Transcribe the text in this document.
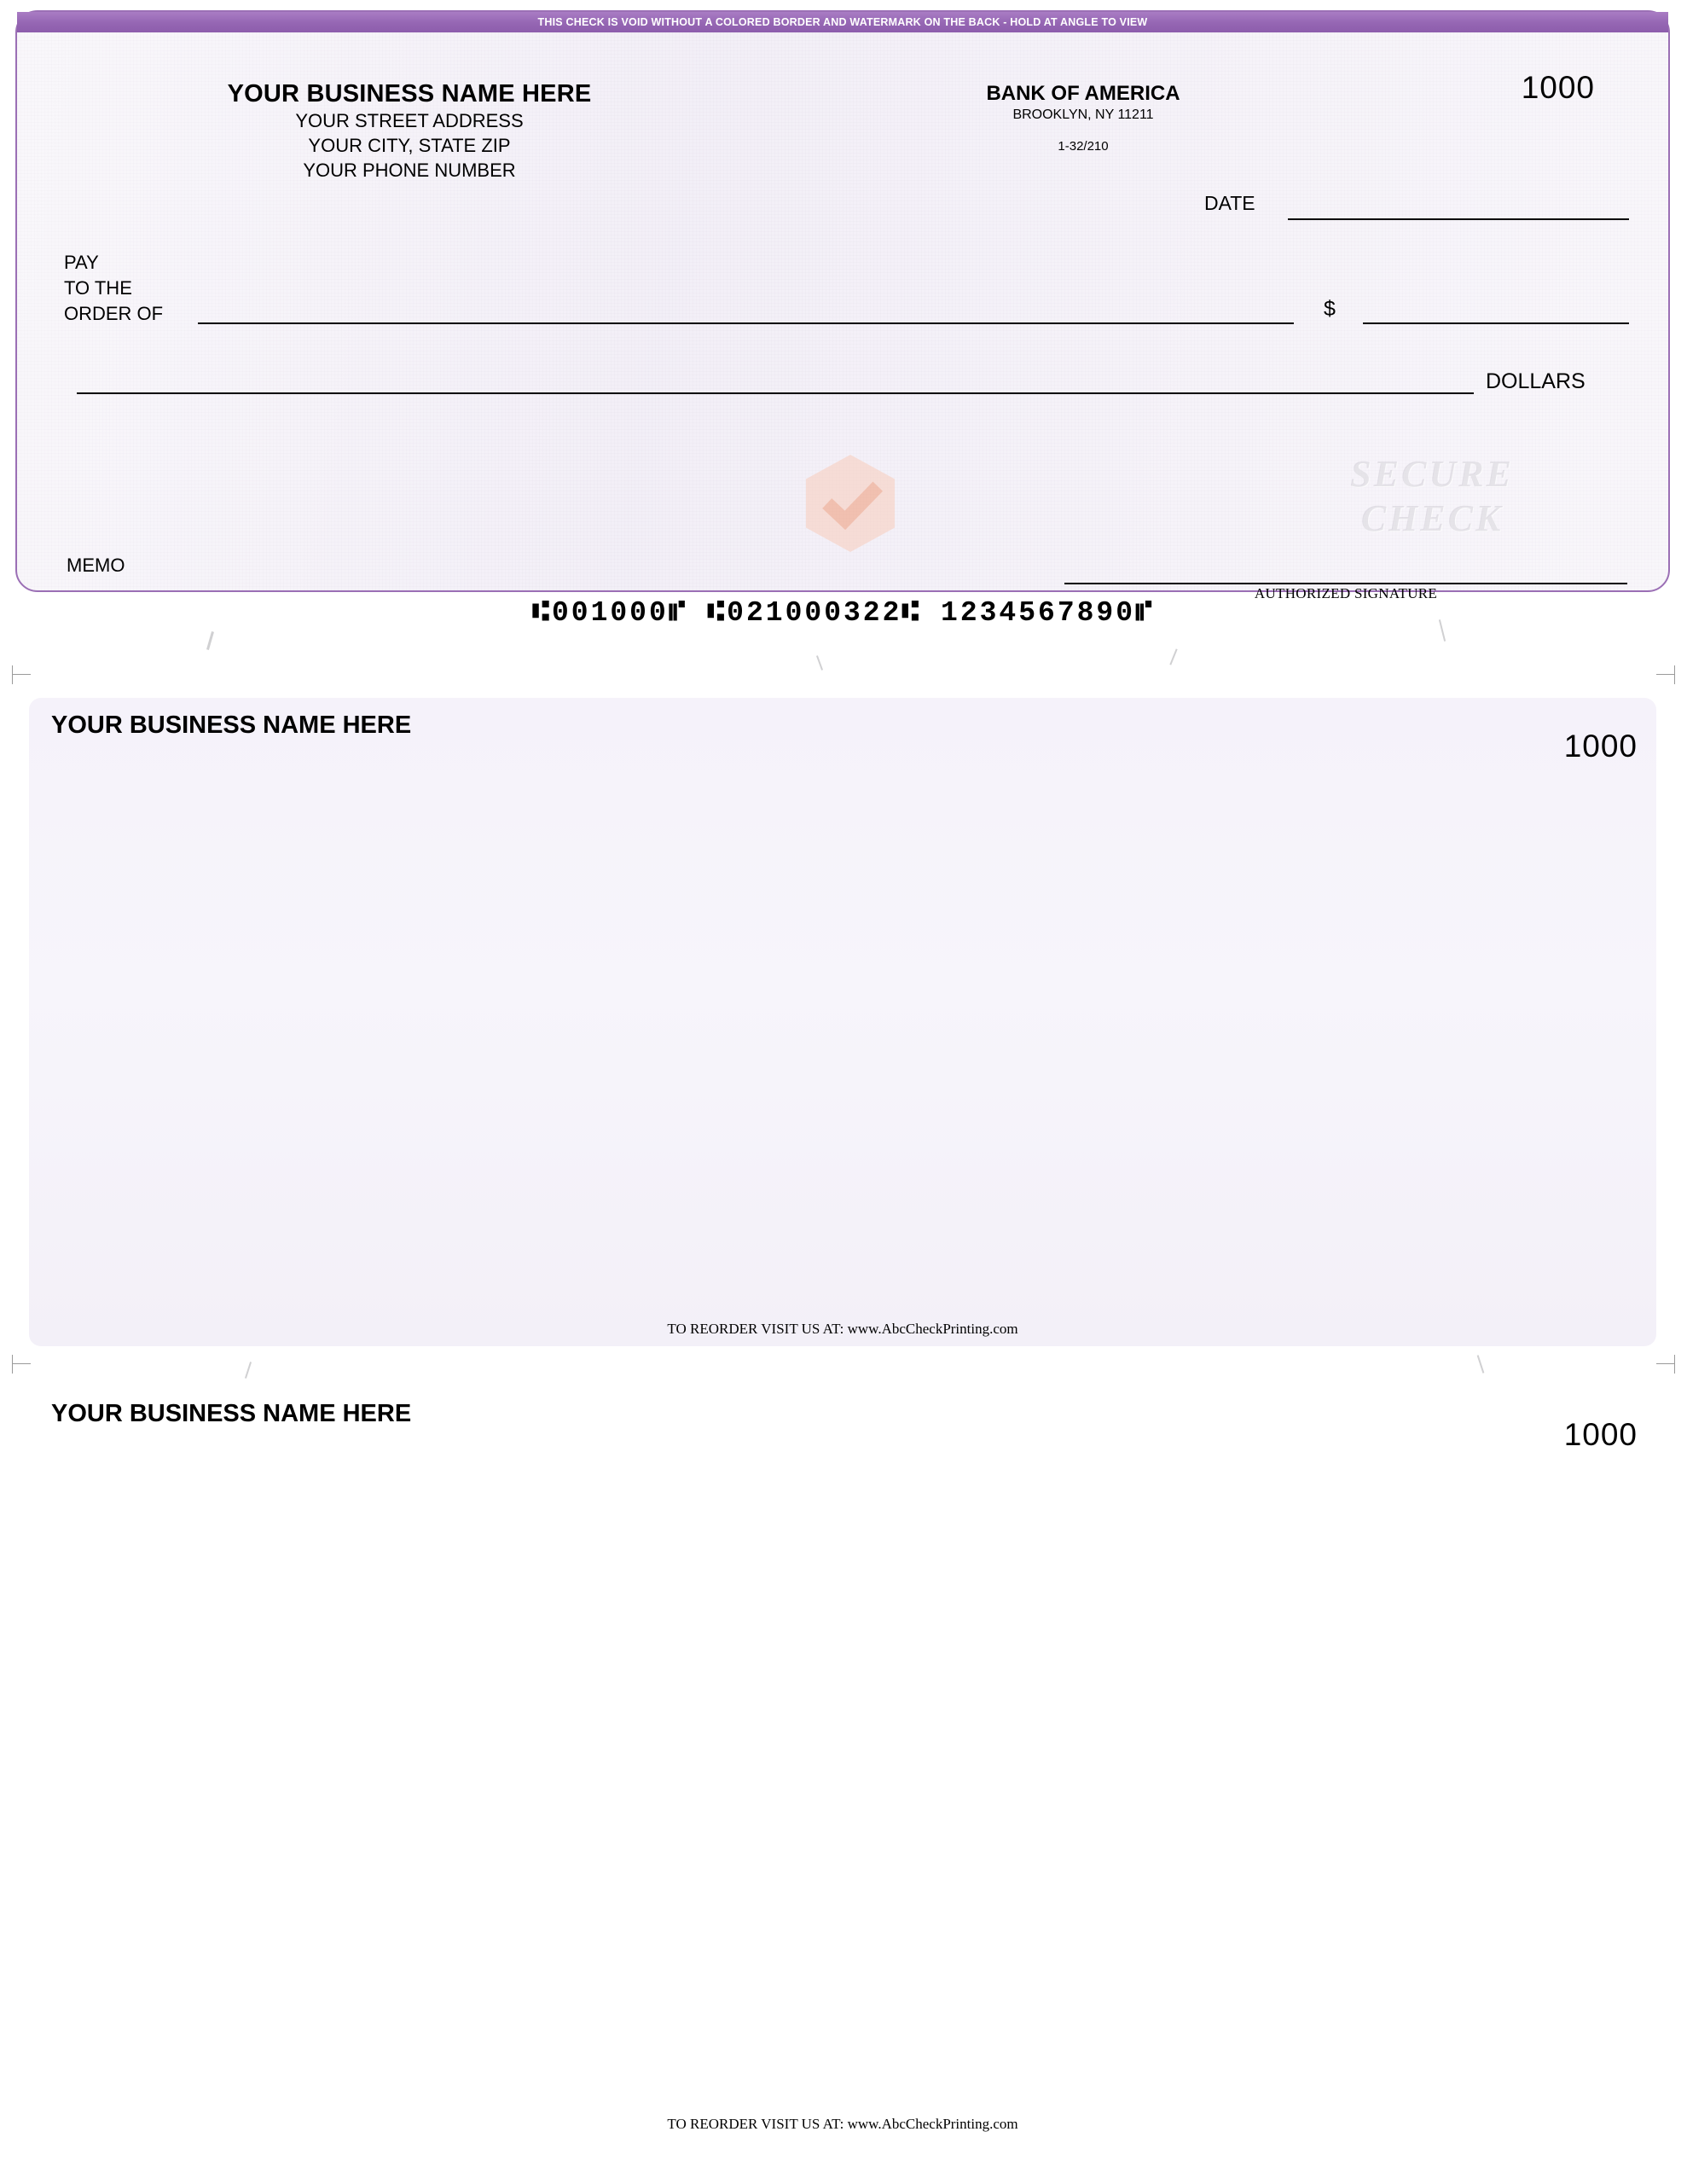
THIS CHECK IS VOID WITHOUT A COLORED BORDER AND WATERMARK ON THE BACK - HOLD AT ANGLE TO VIEW
YOUR BUSINESS NAME HERE
YOUR STREET ADDRESS
YOUR CITY, STATE ZIP
YOUR PHONE NUMBER
BANK OF AMERICA
BROOKLYN, NY 11211
1-32/210
1000
DATE
PAY
TO THE
ORDER OF	$
DOLLARS
MEMO
AUTHORIZED SIGNATURE
SECURE
CHECK
⑆001000⑈ ⑆021000322⑆ 1234567890⑈
YOUR BUSINESS NAME HERE
1000
TO REORDER VISIT US AT: www.AbcCheckPrinting.com
YOUR BUSINESS NAME HERE
1000
TO REORDER VISIT US AT: www.AbcCheckPrinting.com
